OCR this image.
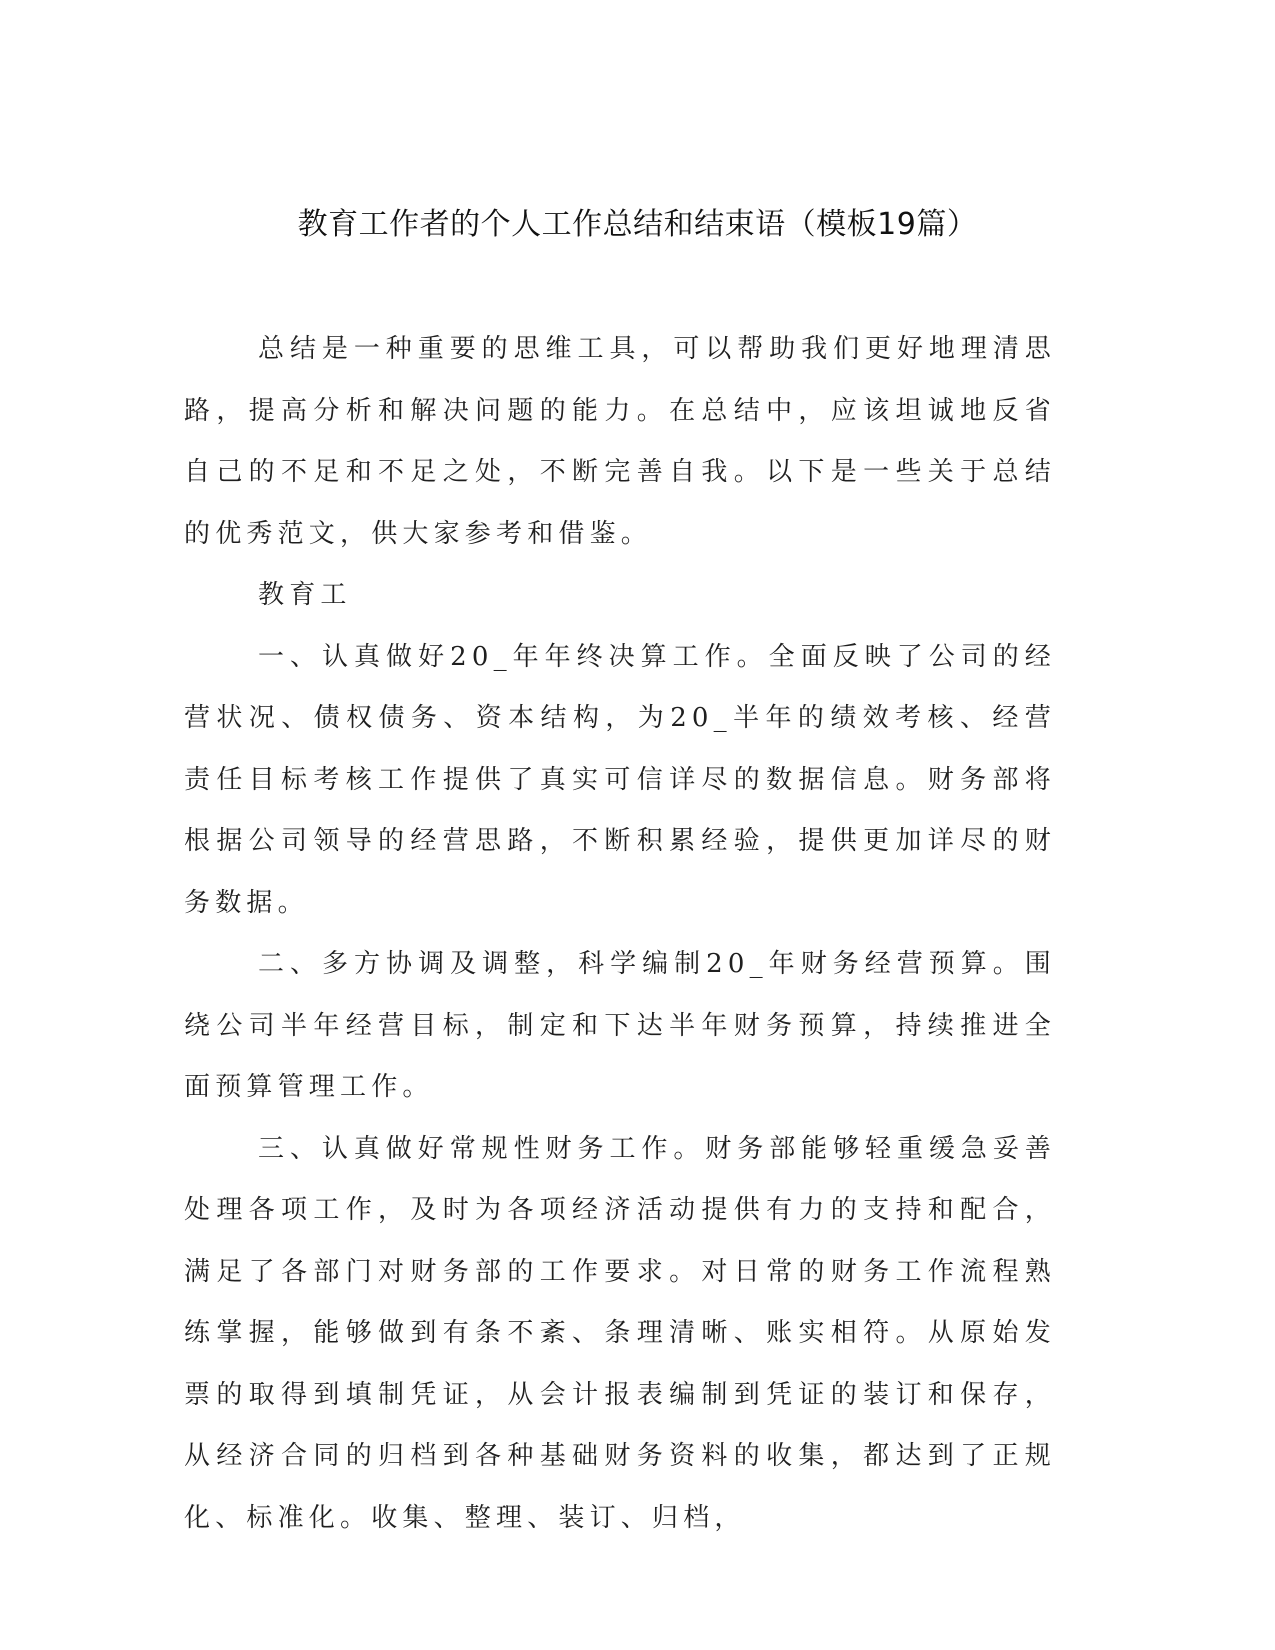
教育工作者的个人工作总结和结束语（模板19篇）

总结是一种重要的思维工具，可以帮助我们更好地理清思路，提高分析和解决问题的能力。在总结中，应该坦诚地反省自己的不足和不足之处，不断完善自我。以下是一些关于总结的优秀范文，供大家参考和借鉴。

教育工

一、认真做好20_年年终决算工作。全面反映了公司的经营状况、债权债务、资本结构，为20_半年的绩效考核、经营责任目标考核工作提供了真实可信详尽的数据信息。财务部将根据公司领导的经营思路，不断积累经验，提供更加详尽的财务数据。

二、多方协调及调整，科学编制20_年财务经营预算。围绕公司半年经营目标，制定和下达半年财务预算，持续推进全面预算管理工作。

三、认真做好常规性财务工作。财务部能够轻重缓急妥善处理各项工作，及时为各项经济活动提供有力的支持和配合，满足了各部门对财务部的工作要求。对日常的财务工作流程熟练掌握，能够做到有条不紊、条理清晰、账实相符。从原始发票的取得到填制凭证，从会计报表编制到凭证的装订和保存，从经济合同的归档到各种基础财务资料的收集，都达到了正规化、标准化。收集、整理、装订、归档，
